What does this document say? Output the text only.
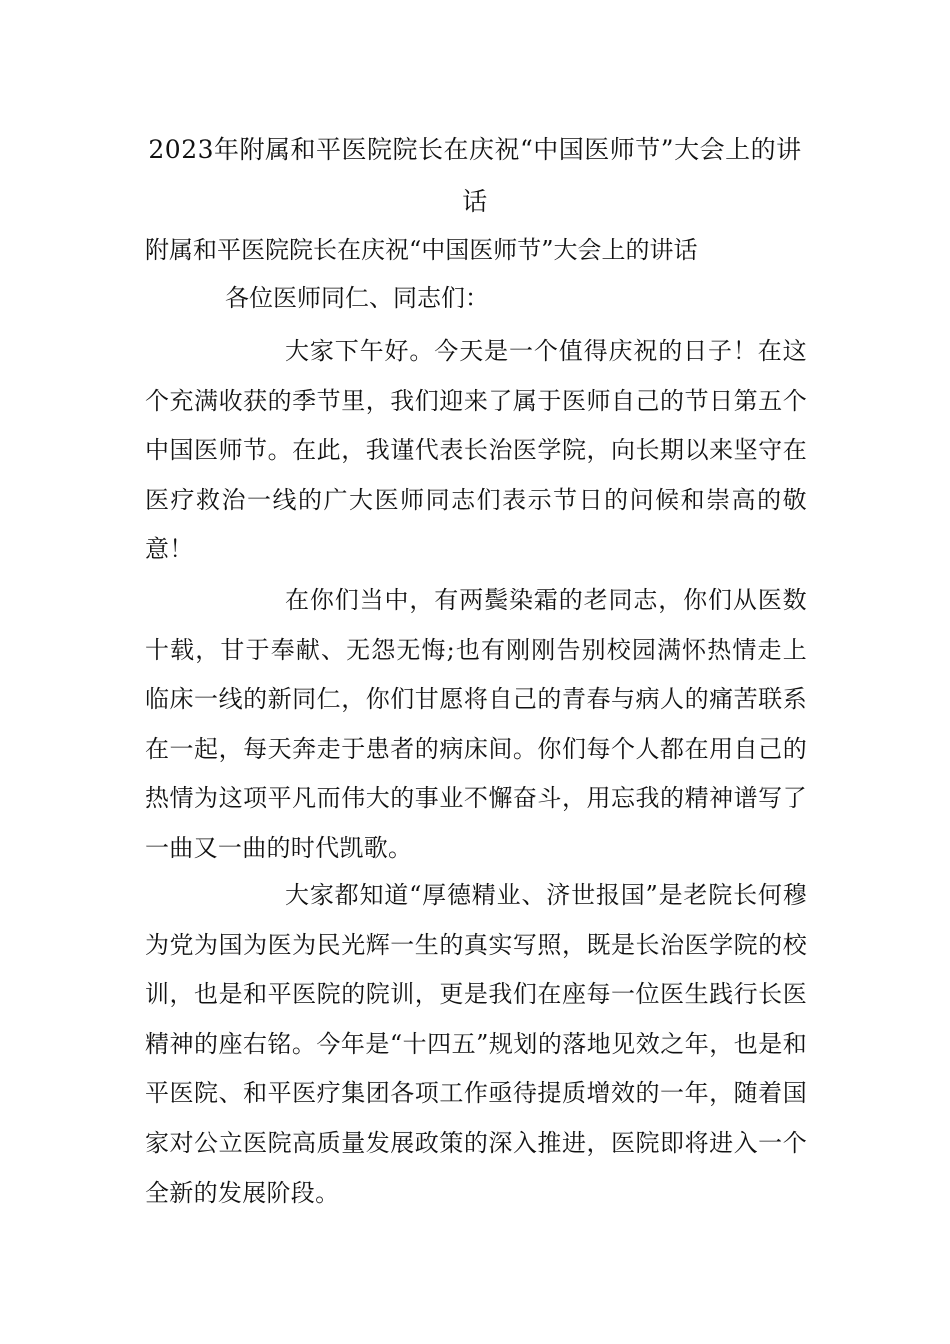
2023年附属和平医院院长在庆祝“中国医师节”大会上的讲话

附属和平医院院长在庆祝“中国医师节”大会上的讲话

各位医师同仁、同志们：

大家下午好。今天是一个值得庆祝的日子！在这个充满收获的季节里，我们迎来了属于医师自己的节日第五个中国医师节。在此，我谨代表长治医学院，向长期以来坚守在医疗救治一线的广大医师同志们表示节日的问候和崇高的敬意！

在你们当中，有两鬓染霜的老同志，你们从医数十载，甘于奉献、无怨无悔;也有刚刚告别校园满怀热情走上临床一线的新同仁，你们甘愿将自己的青春与病人的痛苦联系在一起，每天奔走于患者的病床间。你们每个人都在用自己的热情为这项平凡而伟大的事业不懈奋斗，用忘我的精神谱写了一曲又一曲的时代凯歌。

大家都知道“厚德精业、济世报国”是老院长何穆为党为国为医为民光辉一生的真实写照，既是长治医学院的校训，也是和平医院的院训，更是我们在座每一位医生践行长医精神的座右铭。今年是“十四五”规划的落地见效之年，也是和平医院、和平医疗集团各项工作亟待提质增效的一年，随着国家对公立医院高质量发展政策的深入推进，医院即将进入一个全新的发展阶段。
